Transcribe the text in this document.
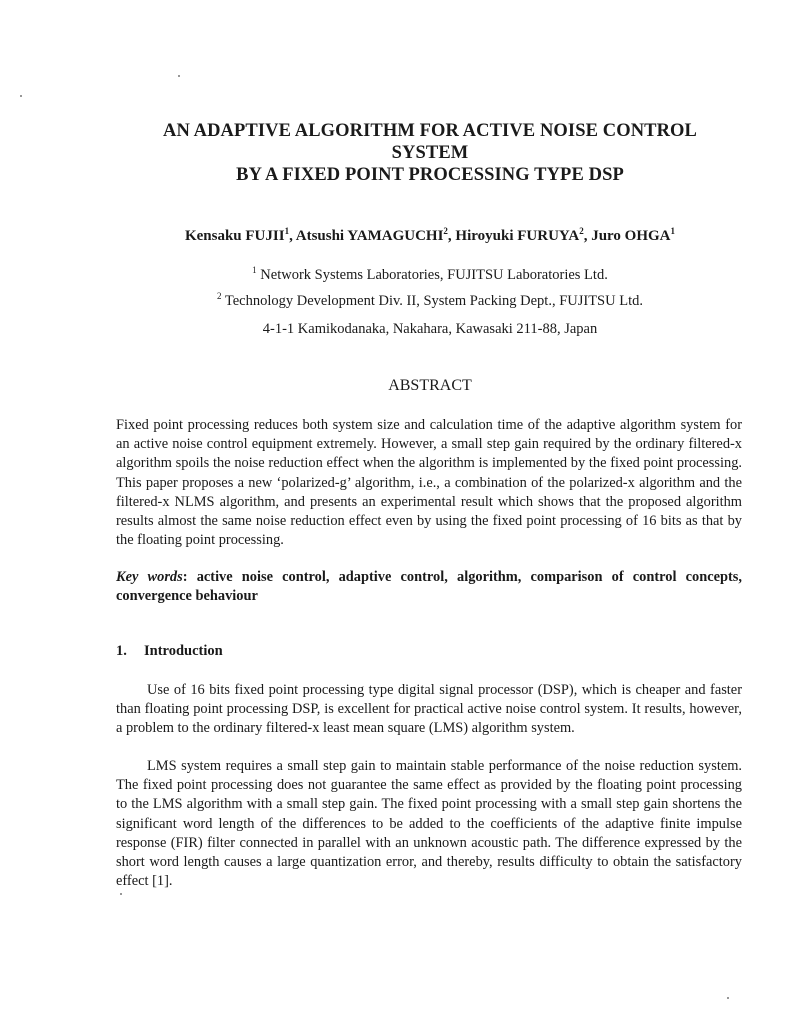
AN ADAPTIVE ALGORITHM FOR ACTIVE NOISE CONTROL
SYSTEM
BY A FIXED POINT PROCESSING TYPE DSP
Kensaku FUJII$^1$, Atsushi YAMAGUCHI$^2$, Hiroyuki FURUYA$^2$, Juro OHGA$^1$
$^1$ Network Systems Laboratories, FUJITSU Laboratories Ltd.
$^2$ Technology Development Div. II, System Packing Dept., FUJITSU Ltd.
4-1-1 Kamikodanaka, Nakahara, Kawasaki 211-88, Japan
ABSTRACT
Fixed point processing reduces both system size and calculation time of the adaptive algorithm system for an active noise control equipment extremely. However, a small step gain required by the ordinary filtered-x algorithm spoils the noise reduction effect when the algorithm is implemented by the fixed point processing. This paper proposes a new ‘polarized-g’ algorithm, i.e., a combination of the polarized-x algorithm and the filtered-x NLMS algorithm, and presents an experimental result which shows that the proposed algorithm results almost the same noise reduction effect even by using the fixed point processing of 16 bits as that by the floating point processing.
Key words: active noise control, adaptive control, algorithm, comparison of control concepts, convergence behaviour
1. Introduction
Use of 16 bits fixed point processing type digital signal processor (DSP), which is cheaper and faster than floating point processing DSP, is excellent for practical active noise control system. It results, however, a problem to the ordinary filtered-x least mean square (LMS) algorithm system.
LMS system requires a small step gain to maintain stable performance of the noise reduction system. The fixed point processing does not guarantee the same effect as provided by the floating point processing to the LMS algorithm with a small step gain. The fixed point processing with a small step gain shortens the significant word length of the differences to be added to the coefficients of the adaptive finite impulse response (FIR) filter connected in parallel with an unknown acoustic path. The difference expressed by the short word length causes a large quantization error, and thereby, results difficulty to obtain the satisfactory effect [1].
